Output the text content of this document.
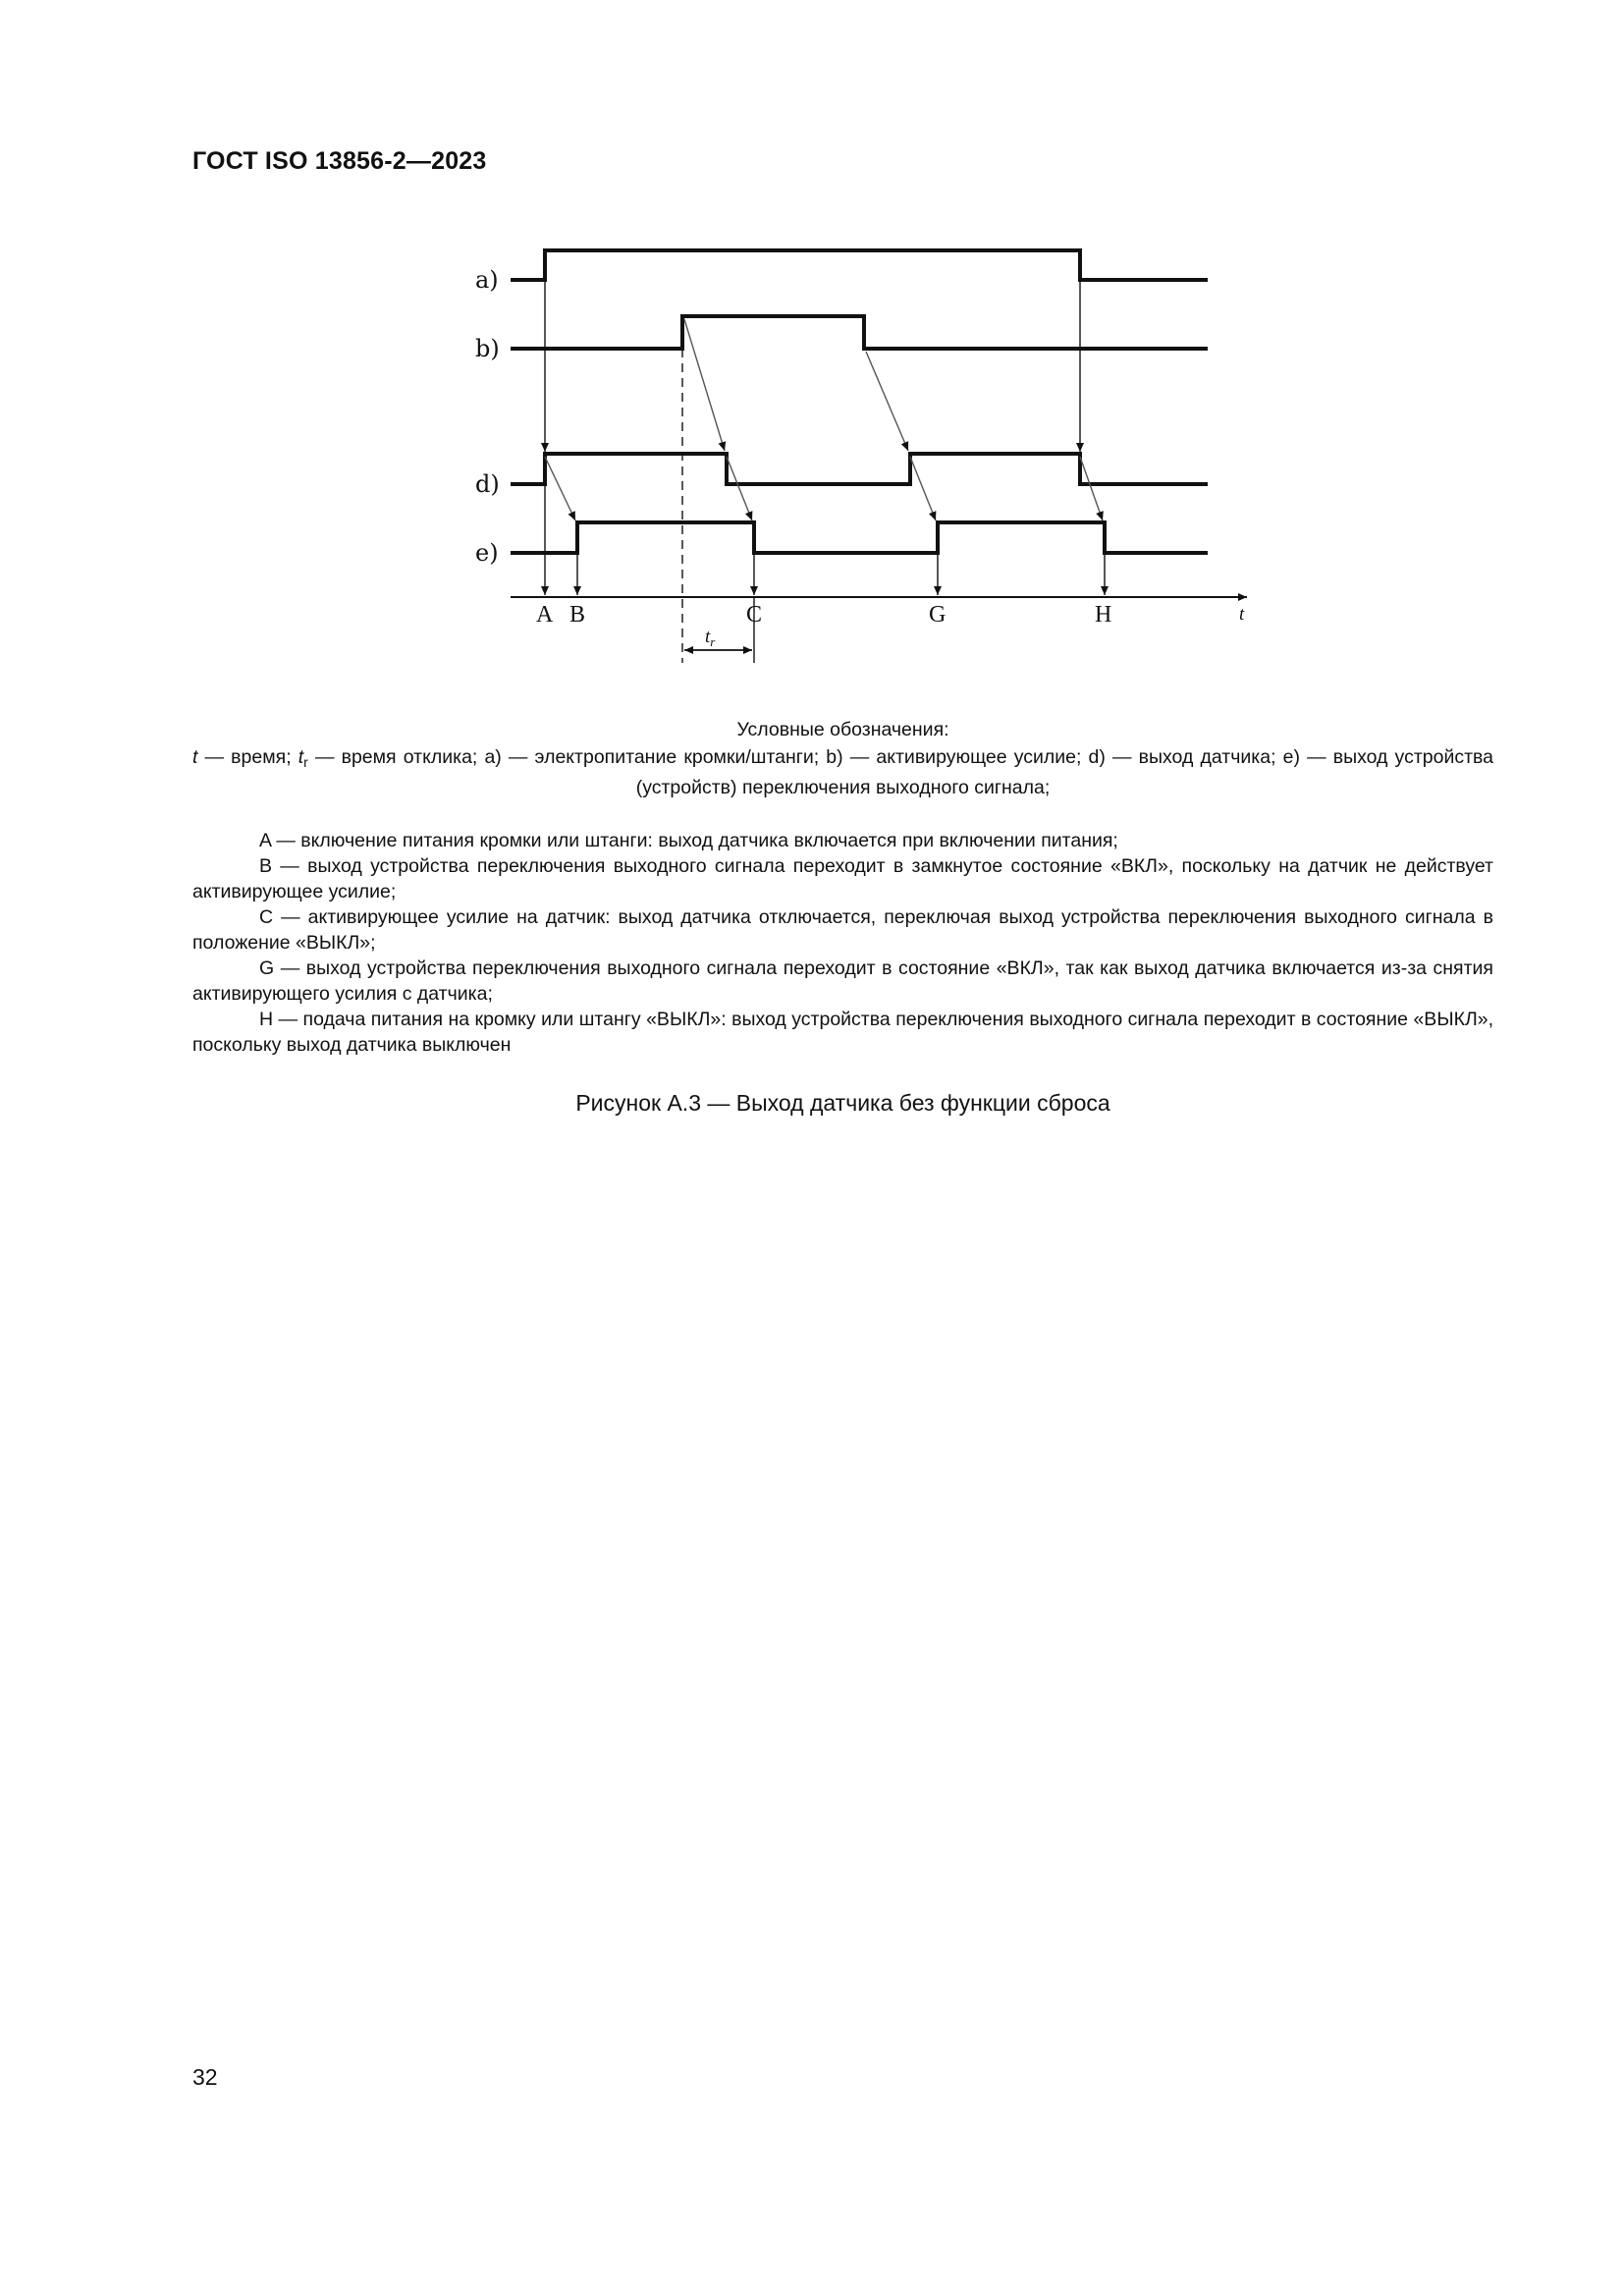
ГОСТ ISO 13856-2—2023
a)
b)
d)
e)
t
$t_r$
A B	C	G	H
Условные обозначения:
t — время; $t_r$ — время отклика; a) — электропитание кромки/штанги; b) — активирующее усилие; d) — выход датчика; e) — выход устройства (устройств) переключения выходного сигнала;

A — включение питания кромки или штанги: выход датчика включается при включении питания;

B — выход устройства переключения выходного сигнала переходит в замкнутое состояние «ВКЛ», поскольку на датчик не действует активирующее усилие;

C — активирующее усилие на датчик: выход датчика отключается, переключая выход устройства переключения выходного сигнала в положение «ВЫКЛ»;

G — выход устройства переключения выходного сигнала переходит в состояние «ВКЛ», так как выход датчика включается из-за снятия активирующего усилия с датчика;

H — подача питания на кромку или штангу «ВЫКЛ»: выход устройства переключения выходного сигнала переходит в состояние «ВЫКЛ», поскольку выход датчика выключен

Рисунок А.3 — Выход датчика без функции сброса
32
